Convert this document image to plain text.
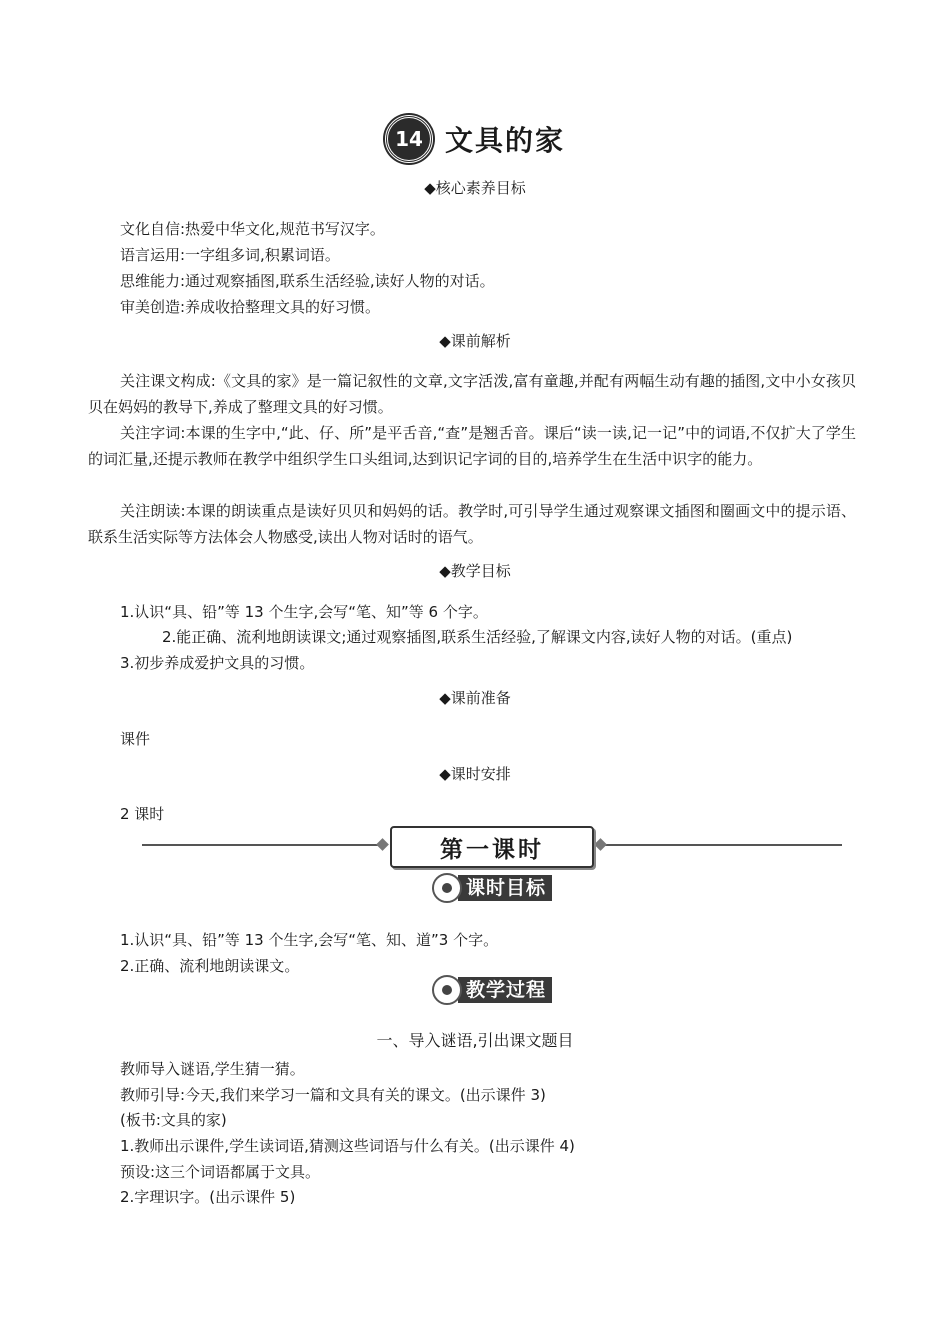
14 文具的家
◆核心素养目标
文化自信:热爱中华文化,规范书写汉字。
语言运用:一字组多词,积累词语。
思维能力:通过观察插图,联系生活经验,读好人物的对话。
审美创造:养成收拾整理文具的好习惯。
◆课前解析
关注课文构成:《文具的家》是一篇记叙性的文章,文字活泼,富有童趣,并配有两幅生动有趣的插图,文中小女孩贝贝在妈妈的教导下,养成了整理文具的好习惯。
关注字词:本课的生字中,“此、仔、所”是平舌音,“查”是翘舌音。课后“读一读,记一记”中的词语,不仅扩大了学生的词汇量,还提示教师在教学中组织学生口头组词,达到识记字词的目的,培养学生在生活中识字的能力。
关注朗读:本课的朗读重点是读好贝贝和妈妈的话。教学时,可引导学生通过观察课文插图和圈画文中的提示语、联系生活实际等方法体会人物感受,读出人物对话时的语气。
◆教学目标
1.认识“具、铅”等 13 个生字,会写“笔、知”等 6 个字。
2.能正确、流利地朗读课文;通过观察插图,联系生活经验,了解课文内容,读好人物的对话。(重点)
3.初步养成爱护文具的习惯。
◆课前准备
课件
◆课时安排
2 课时
第一课时
课时目标
1.认识“具、铅”等 13 个生字,会写“笔、知、道”3 个字。
2.正确、流利地朗读课文。
教学过程
一、导入谜语,引出课文题目
教师导入谜语,学生猜一猜。
教师引导:今天,我们来学习一篇和文具有关的课文。(出示课件 3)
(板书:文具的家)
1.教师出示课件,学生读词语,猜测这些词语与什么有关。(出示课件 4)
预设:这三个词语都属于文具。
2.字理识字。(出示课件 5)
